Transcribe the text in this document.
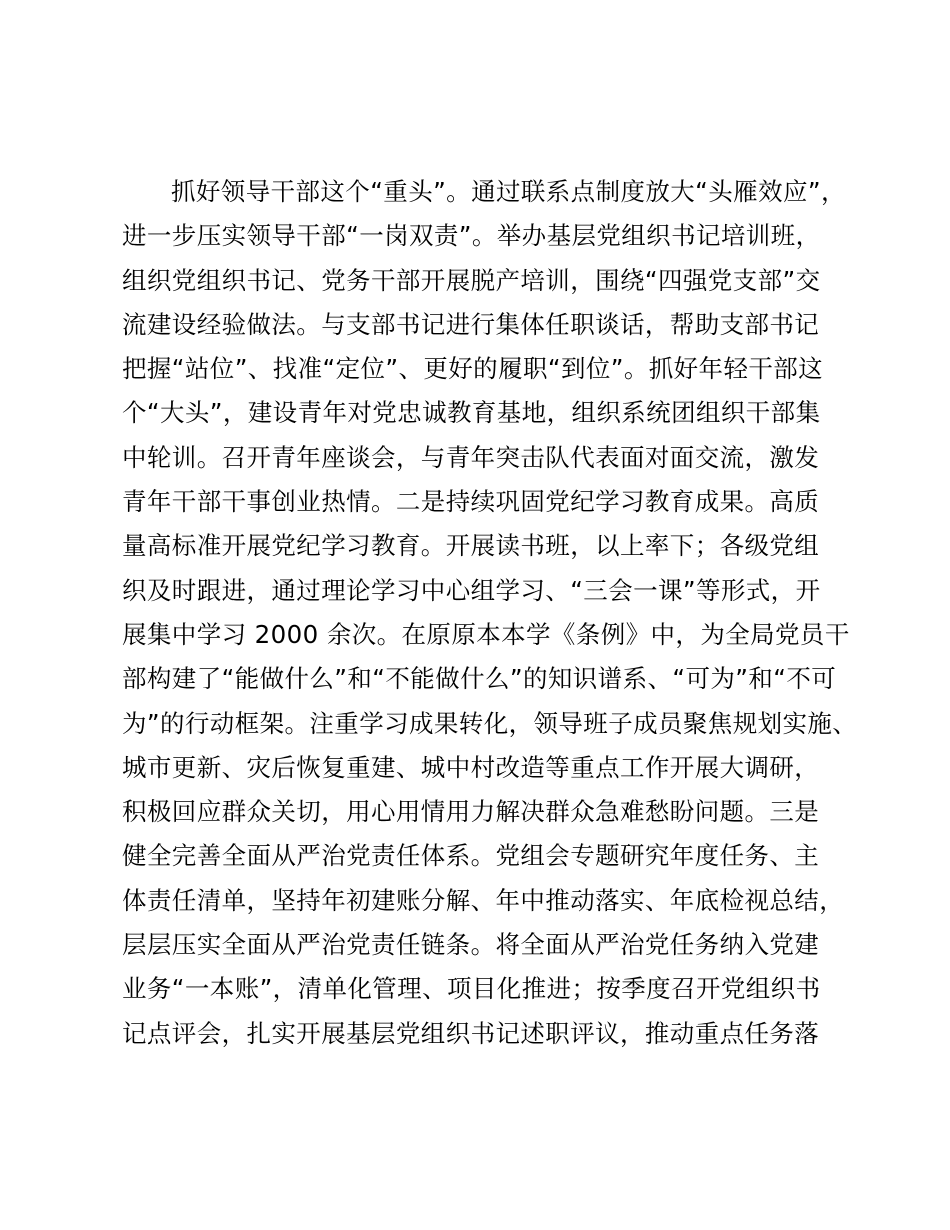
抓好领导干部这个“重头”。通过联系点制度放大“头雁效应”，
进一步压实领导干部“一岗双责”。举办基层党组织书记培训班，
组织党组织书记、党务干部开展脱产培训，围绕“四强党支部”交
流建设经验做法。与支部书记进行集体任职谈话，帮助支部书记
把握“站位”、找准“定位”、更好的履职“到位”。抓好年轻干部这
个“大头”，建设青年对党忠诚教育基地，组织系统团组织干部集
中轮训。召开青年座谈会，与青年突击队代表面对面交流，激发
青年干部干事创业热情。二是持续巩固党纪学习教育成果。高质
量高标准开展党纪学习教育。开展读书班，以上率下；各级党组
织及时跟进，通过理论学习中心组学习、“三会一课”等形式，开
展集中学习 2000 余次。在原原本本学《条例》中，为全局党员干
部构建了“能做什么”和“不能做什么”的知识谱系、“可为”和“不可
为”的行动框架。注重学习成果转化，领导班子成员聚焦规划实施、
城市更新、灾后恢复重建、城中村改造等重点工作开展大调研，
积极回应群众关切，用心用情用力解决群众急难愁盼问题。三是
健全完善全面从严治党责任体系。党组会专题研究年度任务、主
体责任清单，坚持年初建账分解、年中推动落实、年底检视总结，
层层压实全面从严治党责任链条。将全面从严治党任务纳入党建
业务“一本账”，清单化管理、项目化推进；按季度召开党组织书
记点评会，扎实开展基层党组织书记述职评议，推动重点任务落
